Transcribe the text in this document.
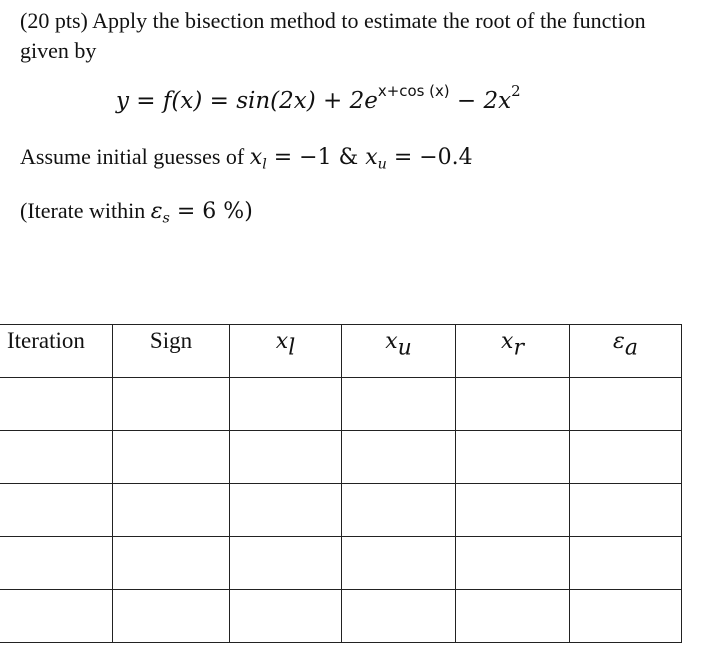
(20 pts) Apply the bisection method to estimate the root of the function given by

$y = f(x) = \sin(2x) + 2e^{x+cos (x)} - 2x^2$

Assume initial guesses of $x_l = -1$ & $x_u = -0.4$

(Iterate within $\varepsilon_s = 6$ %)

Iteration	Sign	$x_l$	$x_u$	$x_r$	$\varepsilon_a$
